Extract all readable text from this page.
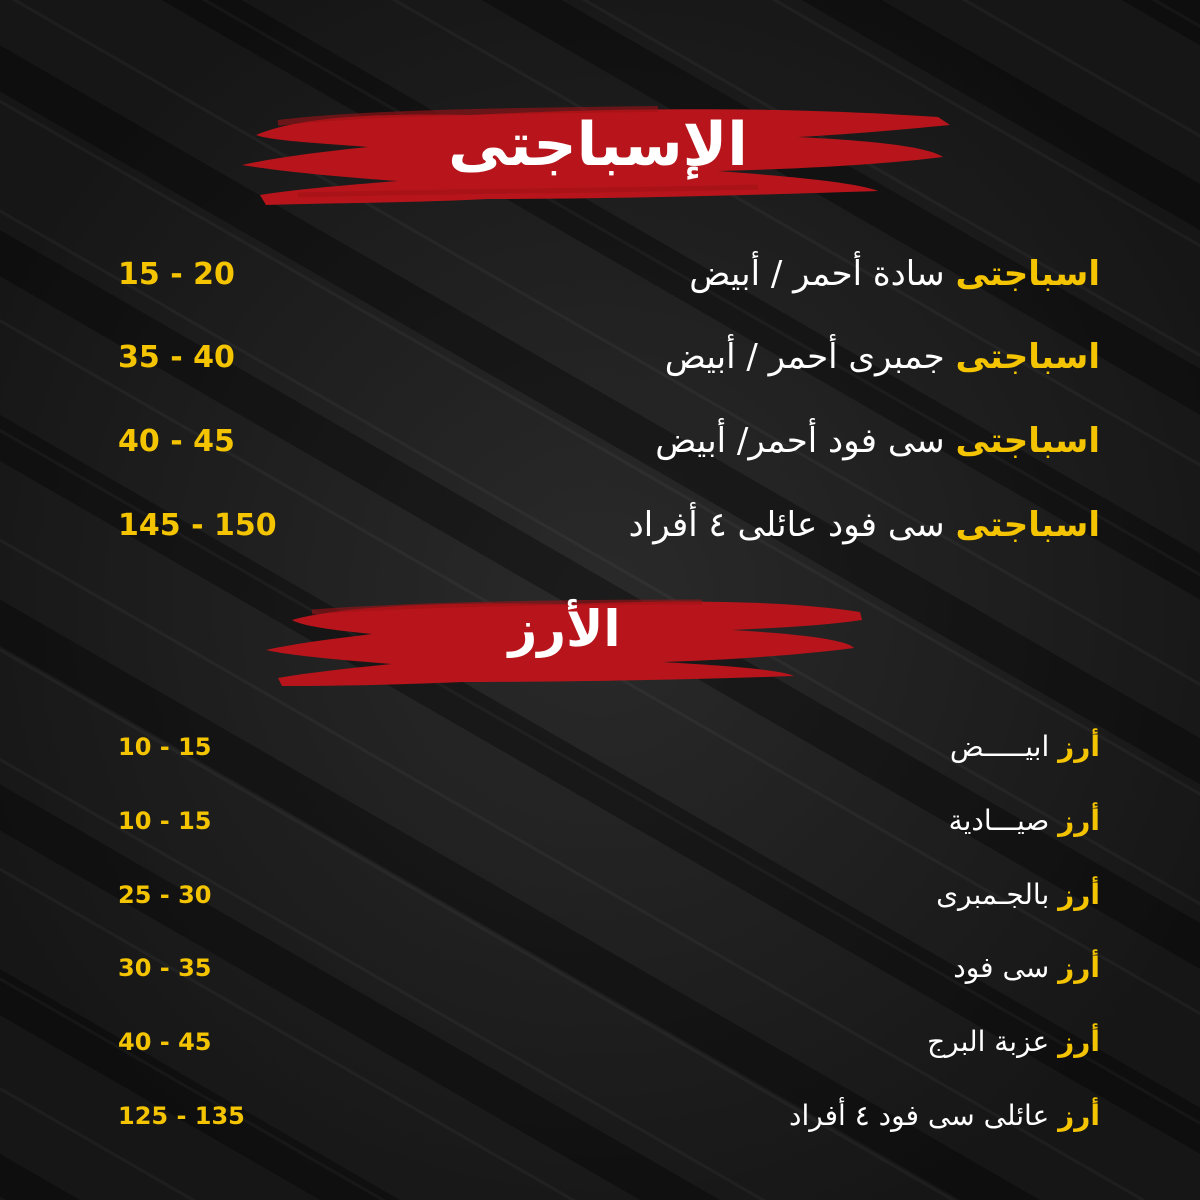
الإسباجتى
15 - 20	اسباجتى سادة أحمر / أبيض
35 - 40	اسباجتى جمبرى أحمر / أبيض
40 - 45	اسباجتى سى فود أحمر/ أبيض
145 - 150	اسباجتى سى فود عائلى ٤ أفراد
الأرز
10 - 15	أرز ابيـــــض
10 - 15	أرز صيـــادية
25 - 30	أرز بالجـمبرى
30 - 35	أرز سى فود
40 - 45	أرز عزبة البرج
125 - 135	أرز عائلى سى فود ٤ أفراد
